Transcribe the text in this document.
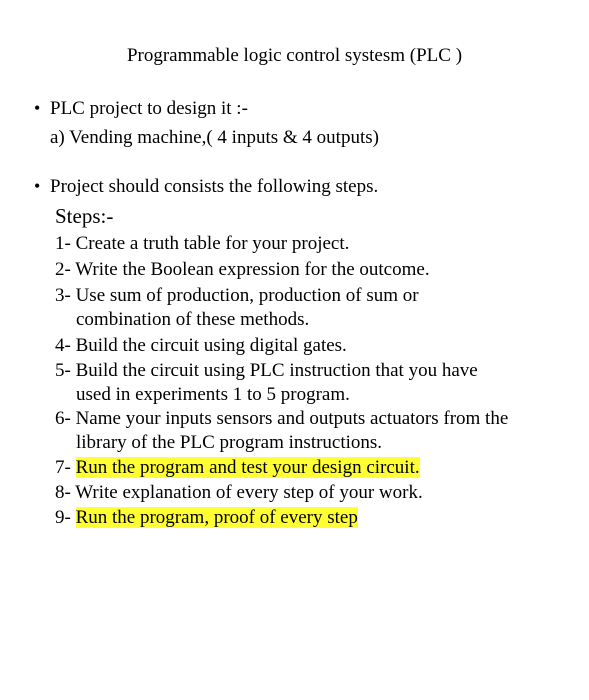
Programmable logic control systesm (PLC )
• PLC project to design it :-
a) Vending machine,( 4 inputs & 4 outputs)
• Project should consists the following steps.
Steps:-
1- Create a truth table for your project.
2- Write the Boolean expression for the outcome.
3- Use sum of production, production of sum or
combination of these methods.
4- Build the circuit using digital gates.
5- Build the circuit using PLC instruction that you have
used in experiments 1 to 5 program.
6- Name your inputs sensors and outputs actuators from the
library of the PLC program instructions.
7- Run the program and test your design circuit.
8- Write explanation of every step of your work.
9- Run the program, proof of every step
